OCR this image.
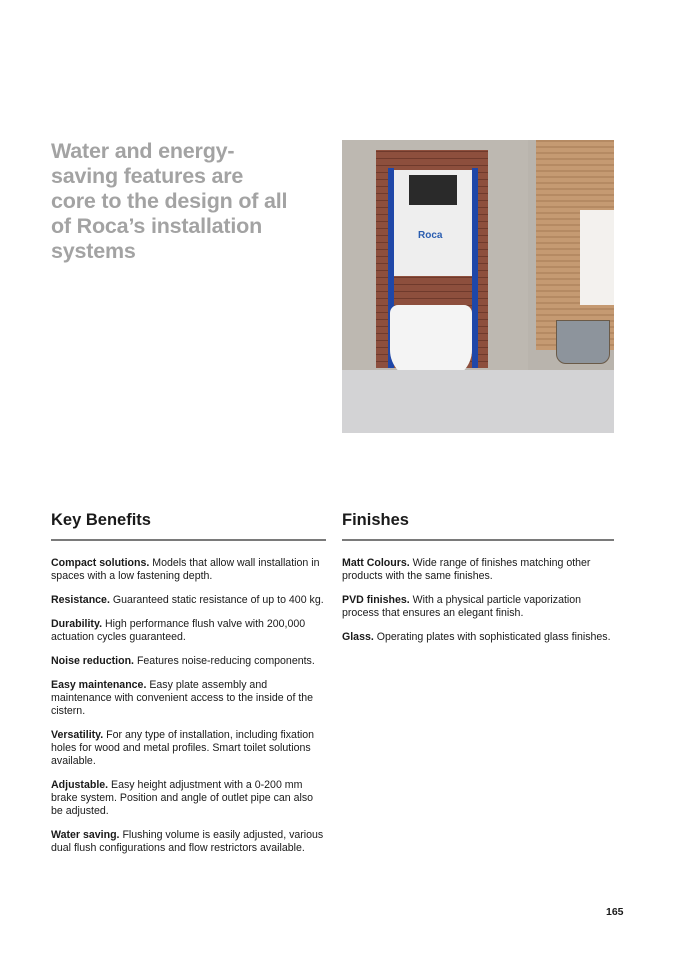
Water and energy-saving features are core to the design of all of Roca’s installation systems
Roca
Key Benefits

Compact solutions. Models that allow wall installation in spaces with a low fastening depth.

Resistance. Guaranteed static resistance of up to 400 kg.

Durability. High performance flush valve with 200,000 actuation cycles guaranteed.

Noise reduction. Features noise-reducing components.

Easy maintenance. Easy plate assembly and maintenance with convenient access to the inside of the cistern.

Versatility. For any type of installation, including fixation holes for wood and metal profiles. Smart toilet solutions available.

Adjustable. Easy height adjustment with a 0-200 mm brake system. Position and angle of outlet pipe can also be adjusted.

Water saving. Flushing volume is easily adjusted, various dual flush configurations and flow restrictors available.

Finishes

Matt Colours. Wide range of finishes matching other products with the same finishes.

PVD finishes. With a physical particle vaporization process that ensures an elegant finish.

Glass. Operating plates with sophisticated glass finishes.

165
